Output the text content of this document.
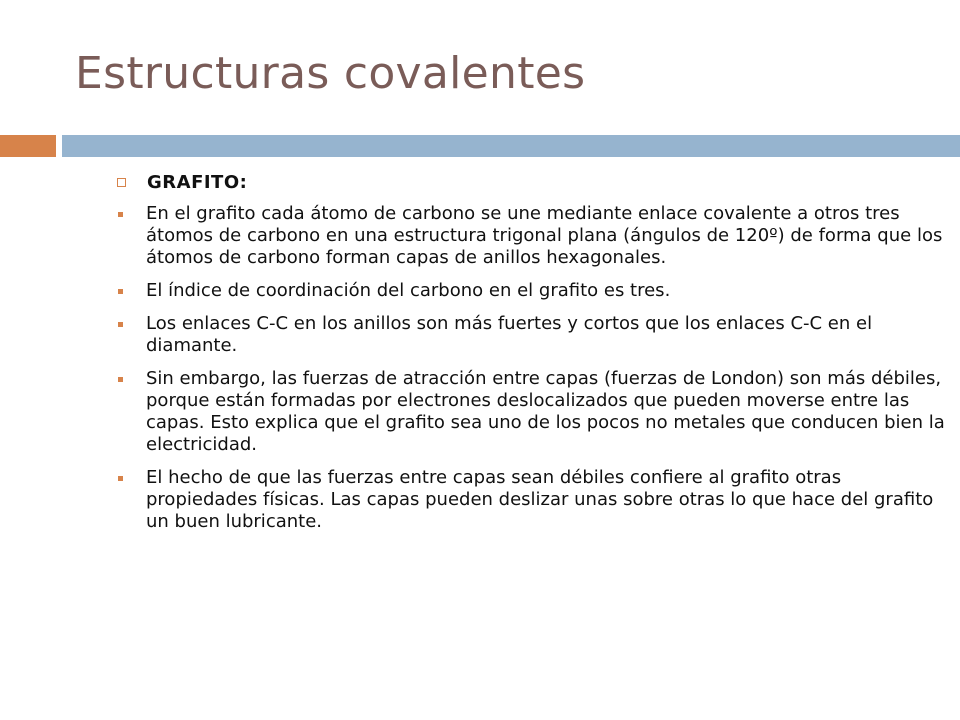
Estructuras covalentes
GRAFITO:
En el grafito cada átomo de carbono se une mediante enlace covalente a otros tres átomos de carbono en una estructura trigonal plana (ángulos de 120º) de forma que los átomos de carbono forman capas de anillos hexagonales.
El índice de coordinación del carbono en el grafito es tres.
Los enlaces C-C en los anillos son más fuertes y cortos que los enlaces C-C en el diamante.
Sin embargo, las fuerzas de atracción entre capas (fuerzas de London) son más débiles, porque están formadas por electrones deslocalizados que pueden moverse entre las capas. Esto explica que el grafito sea uno de los pocos no metales que conducen bien la electricidad.
El hecho de que las fuerzas entre capas sean débiles confiere al grafito otras propiedades físicas. Las capas pueden deslizar unas sobre otras lo que hace del grafito un buen lubricante.
